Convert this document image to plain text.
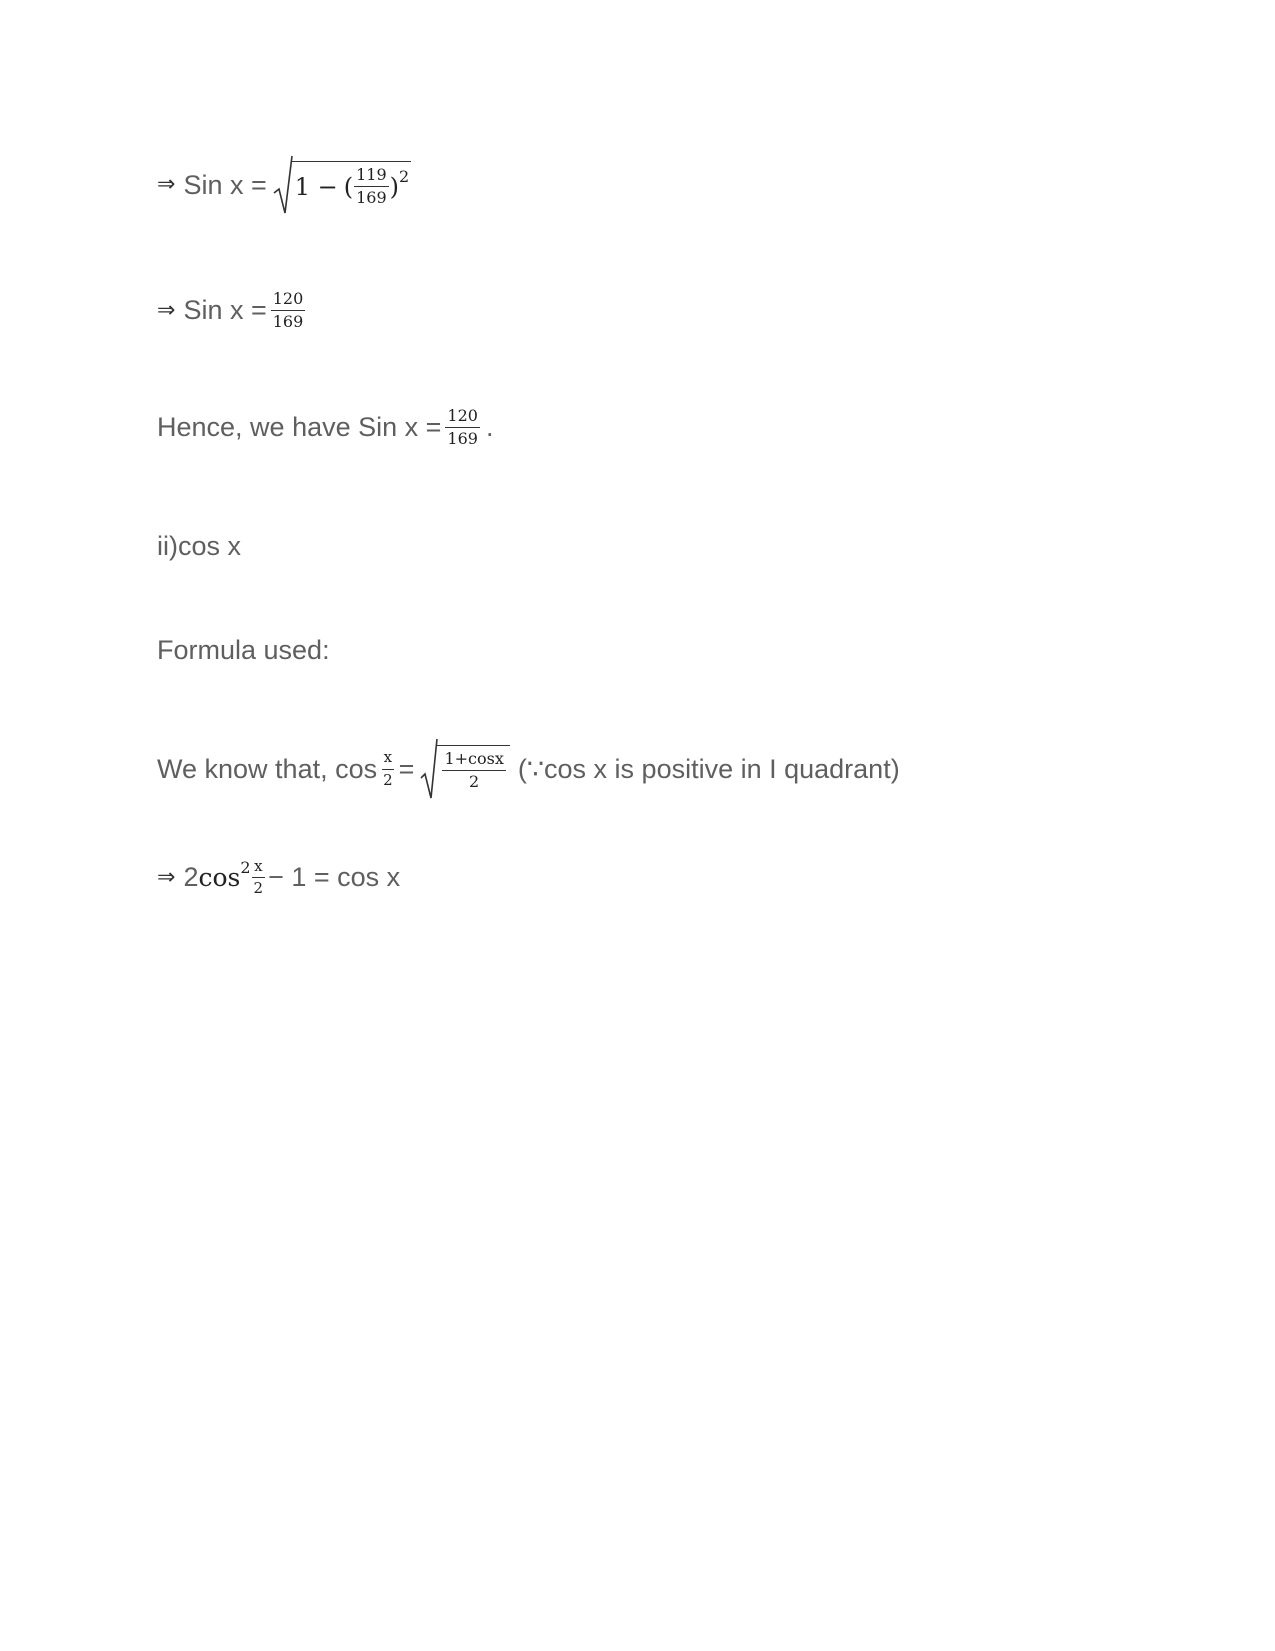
⇒ Sin x = 1 − ( $\frac{119}{169}$ ) 2
⇒ Sin $x = \frac{120}{169}$
Hence, we have Sin $x = \frac{120}{169}$ .
ii)cos x
Formula used:
We know that, $\cos \frac{x}{2} = \frac{1+\cos x}{2}$ (∵cos x is positive in I quadrant)
⇒ 2 $\cos 2 \frac{x}{2} - 1 = \cos x$
